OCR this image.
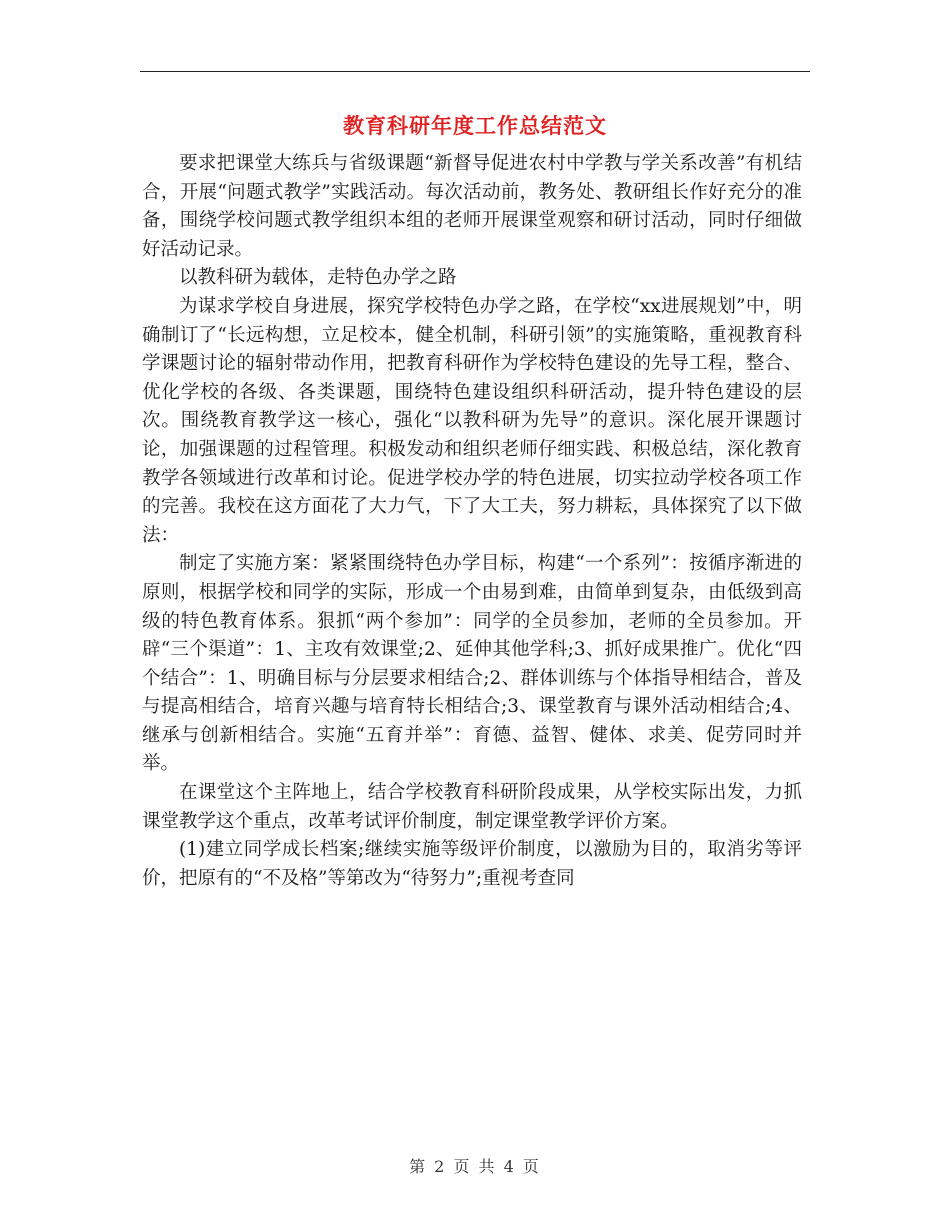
教育科研年度工作总结范文

要求把课堂大练兵与省级课题“新督导促进农村中学教与学关系改善”有机结合，开展“问题式教学”实践活动。每次活动前，教务处、教研组长作好充分的准备，围绕学校问题式教学组织本组的老师开展课堂观察和研讨活动，同时仔细做好活动记录。

以教科研为载体，走特色办学之路

为谋求学校自身进展，探究学校特色办学之路，在学校“xx进展规划”中，明确制订了“长远构想，立足校本，健全机制，科研引领”的实施策略，重视教育科学课题讨论的辐射带动作用，把教育科研作为学校特色建设的先导工程，整合、优化学校的各级、各类课题，围绕特色建设组织科研活动，提升特色建设的层次。围绕教育教学这一核心，强化“以教科研为先导”的意识。深化展开课题讨论，加强课题的过程管理。积极发动和组织老师仔细实践、积极总结，深化教育教学各领域进行改革和讨论。促进学校办学的特色进展，切实拉动学校各项工作的完善。我校在这方面花了大力气，下了大工夫，努力耕耘，具体探究了以下做法：

制定了实施方案：紧紧围绕特色办学目标，构建“一个系列”：按循序渐进的原则，根据学校和同学的实际，形成一个由易到难，由简单到复杂，由低级到高级的特色教育体系。狠抓“两个参加”：同学的全员参加，老师的全员参加。开辟“三个渠道”：1、主攻有效课堂;2、延伸其他学科;3、抓好成果推广。优化“四个结合”：1、明确目标与分层要求相结合;2、群体训练与个体指导相结合，普及与提高相结合，培育兴趣与培育特长相结合;3、课堂教育与课外活动相结合;4、继承与创新相结合。实施“五育并举”：育德、益智、健体、求美、促劳同时并举。

在课堂这个主阵地上，结合学校教育科研阶段成果，从学校实际出发，力抓课堂教学这个重点，改革考试评价制度，制定课堂教学评价方案。

(1)建立同学成长档案;继续实施等级评价制度，以激励为目的，取消劣等评价，把原有的“不及格”等第改为“待努力”;重视考查同

第 2 页 共 4 页
